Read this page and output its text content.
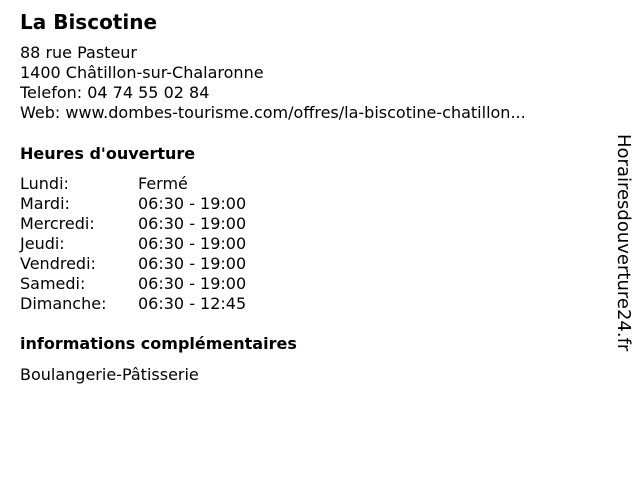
La Biscotine
88 rue Pasteur
1400 Châtillon-sur-Chalaronne
Telefon: 04 74 55 02 84
Web: www.dombes-tourisme.com/offres/la-biscotine-chatillon...
Heures d'ouverture
Lundi:	Fermé
Mardi:	06:30 - 19:00
Mercredi:	06:30 - 19:00
Jeudi:	06:30 - 19:00
Vendredi:	06:30 - 19:00
Samedi:	06:30 - 19:00
Dimanche: 06:30 - 12:45
informations complémentaires
Boulangerie-Pâtisserie
Horairesdouverture24.fr
